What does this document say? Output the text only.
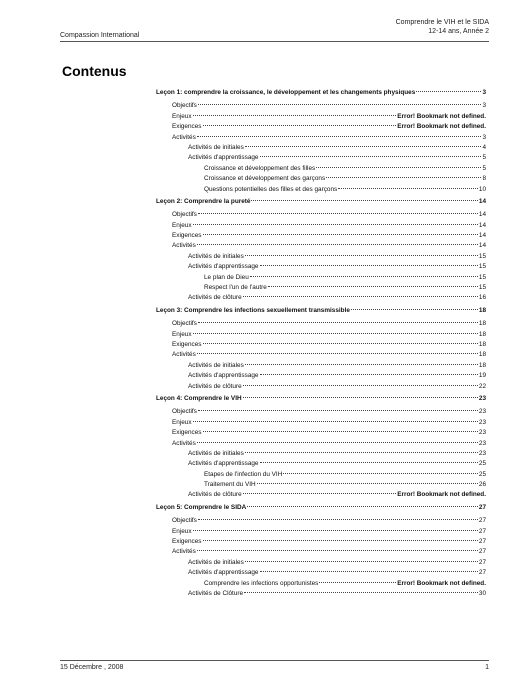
Compassion International
Comprendre le VIH et le SIDA
12-14 ans, Année 2
Contenus
Leçon 1: comprendre la croissance, le développement et les changements physiques	3
Objectifs	3
Enjeux	Error! Bookmark not defined.
Exigences	Error! Bookmark not defined.
Activités	3
Activités de initiales	4
Activités d'apprentissage	5
Croissance et développement des filles	5
Croissance et développement des garçons	8
Questions potentielles des filles et des garçons	10
Leçon 2: Comprendre la pureté	14
Objectifs	14
Enjeux	14
Exigences	14
Activités	14
Activités de initiales	15
Activités d'apprentissage	15
Le plan de Dieu	15
Respect l'un de l'autre	15
Activités de clôture	16
Leçon 3: Comprendre les infections sexuellement transmissible	18
Objectifs	18
Enjeux	18
Exigences	18
Activités	18
Activités de initiales	18
Activités d'apprentissage	19
Activités de clôture	22
Leçon 4: Comprendre le VIH	23
Objectifs	23
Enjeux	23
Exigences	23
Activités	23
Activités de initiales	23
Activités d'apprentissage	25
Etapes de l'infection du VIH	25
Traitement du VIH	26
Activités de clôture	Error! Bookmark not defined.
Leçon 5: Comprendre le SIDA	27
Objectifs	27
Enjeux	27
Exigences	27
Activités	27
Activités de initiales	27
Activités d'apprentissage	27
Comprendre les infections opportunistes	Error! Bookmark not defined.
Activités de Clôture	30
15 Décembre , 2008	1
